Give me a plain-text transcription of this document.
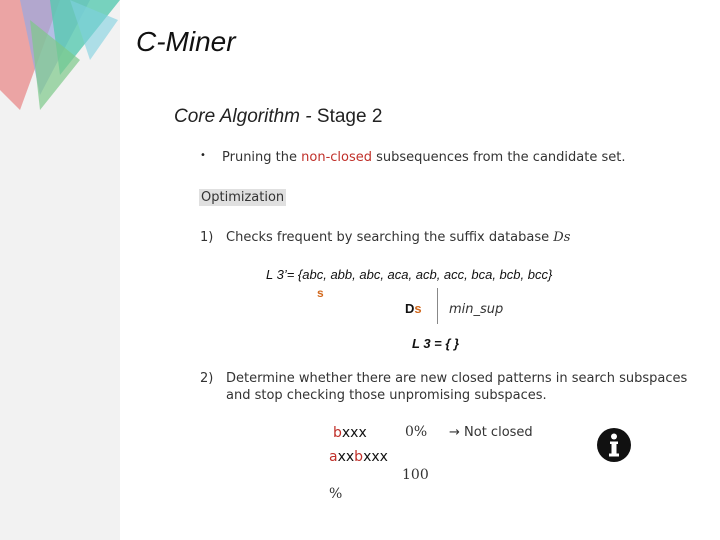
C-Miner
Core Algorithm - Stage 2
• Pruning the non-closed subsequences from the candidate set.
Optimization
1) Checks frequent by searching the suffix database Ds
L 3’= {abc, abb, abc, aca, acb, acc, bca, bcb, bcc}
s
Ds min_sup
L 3 = { }
2) Determine whether there are new closed patterns in search subspaces
and stop checking those unpromising subspaces.
bxxx	0% → Not closed
axxbxxx
100
%
